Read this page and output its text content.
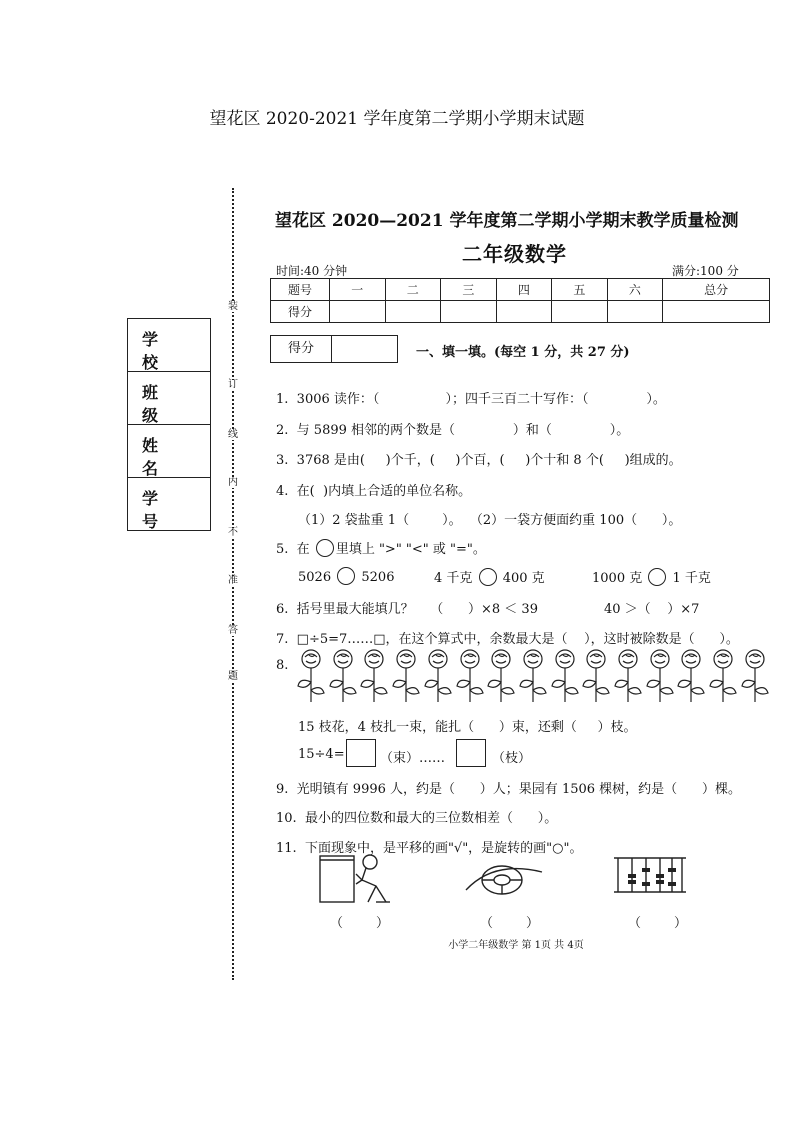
望花区 2020-2021 学年度第二学期小学期末试题
装
订
线
内
不
准
答
题
学 校
班 级
姓 名
学 号
望花区 2020—2021 学年度第二学期小学期末教学质量检测
二年级数学
时间:40 分钟	满分:100 分
题号	一	二	三	四	五	六	总分
得分							
得分	一、填一填。(每空 1 分，共 27 分)
1.  3006 读作：（                ）；四千三百二十写作：（              ）。
2.  与 5899 相邻的两个数是（              ）和（              ）。
3.  3768 是由(     )个千，(     )个百，(     )个十和 8 个(     )组成的。
4.  在(  )内填上合适的单位名称。
（1）2 袋盐重 1（        ）。  （2）一袋方便面约重 100（      ）。
5.  在 里填上 ">" "<" 或 "="。
5026 5206	4 千克 400 克	1000 克 1 千克
6.  括号里最大能填几？    （      ）×8 ＜ 39	40 ＞（    ）×7
7.  □÷5=7……□，在这个算式中，余数最大是（    ），这时被除数是（      ）。
8.
15 枝花，4 枝扎一束，能扎（      ）束，还剩（     ）枝。
15÷4=	（束）……	（枝）
9.  光明镇有 9996 人，约是（      ）人；果园有 1506 棵树，约是（      ）棵。
10.  最小的四位数和最大的三位数相差（      ）。
11.  下面现象中，是平移的画"√"，是旋转的画"○"。
（        ）	（        ）	（        ）
小学二年级数学 第 1页 共 4页
